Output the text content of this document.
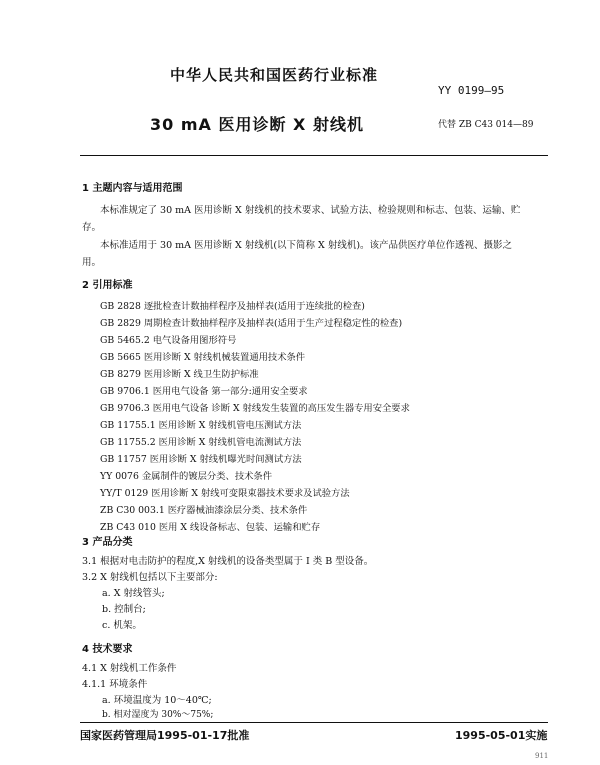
中华人民共和国医药行业标准
YY 0199—95
30 mA 医用诊断 X 射线机	代替 ZB C43 014—89
1 主题内容与适用范围
本标准规定了 30 mA 医用诊断 X 射线机的技术要求、试验方法、检验规则和标志、包装、运输、贮
存。
本标准适用于 30 mA 医用诊断 X 射线机(以下简称 X 射线机)。该产品供医疗单位作透视、摄影之
用。
2 引用标准
GB 2828 逐批检查计数抽样程序及抽样表(适用于连续批的检查)
GB 2829 周期检查计数抽样程序及抽样表(适用于生产过程稳定性的检查)
GB 5465.2 电气设备用图形符号
GB 5665 医用诊断 X 射线机械装置通用技术条件
GB 8279 医用诊断 X 线卫生防护标准
GB 9706.1 医用电气设备 第一部分:通用安全要求
GB 9706.3 医用电气设备 诊断 X 射线发生装置的高压发生器专用安全要求
GB 11755.1 医用诊断 X 射线机管电压测试方法
GB 11755.2 医用诊断 X 射线机管电流测试方法
GB 11757 医用诊断 X 射线机曝光时间测试方法
YY 0076 金属制件的镀层分类、技术条件
YY/T 0129 医用诊断 X 射线可变限束器技术要求及试验方法
ZB C30 003.1 医疗器械油漆涂层分类、技术条件
ZB C43 010 医用 X 线设备标志、包装、运输和贮存
3 产品分类
3.1 根据对电击防护的程度,X 射线机的设备类型属于 Ⅰ 类 B 型设备。
3.2 X 射线机包括以下主要部分:
a. X 射线管头;
b. 控制台;
c. 机架。
4 技术要求
4.1 X 射线机工作条件
4.1.1 环境条件
a. 环境温度为 10～40℃;
国家医药管理局1995-01-17批准	1995-05-01实施
911
b. 相对湿度为 30%～75%;
